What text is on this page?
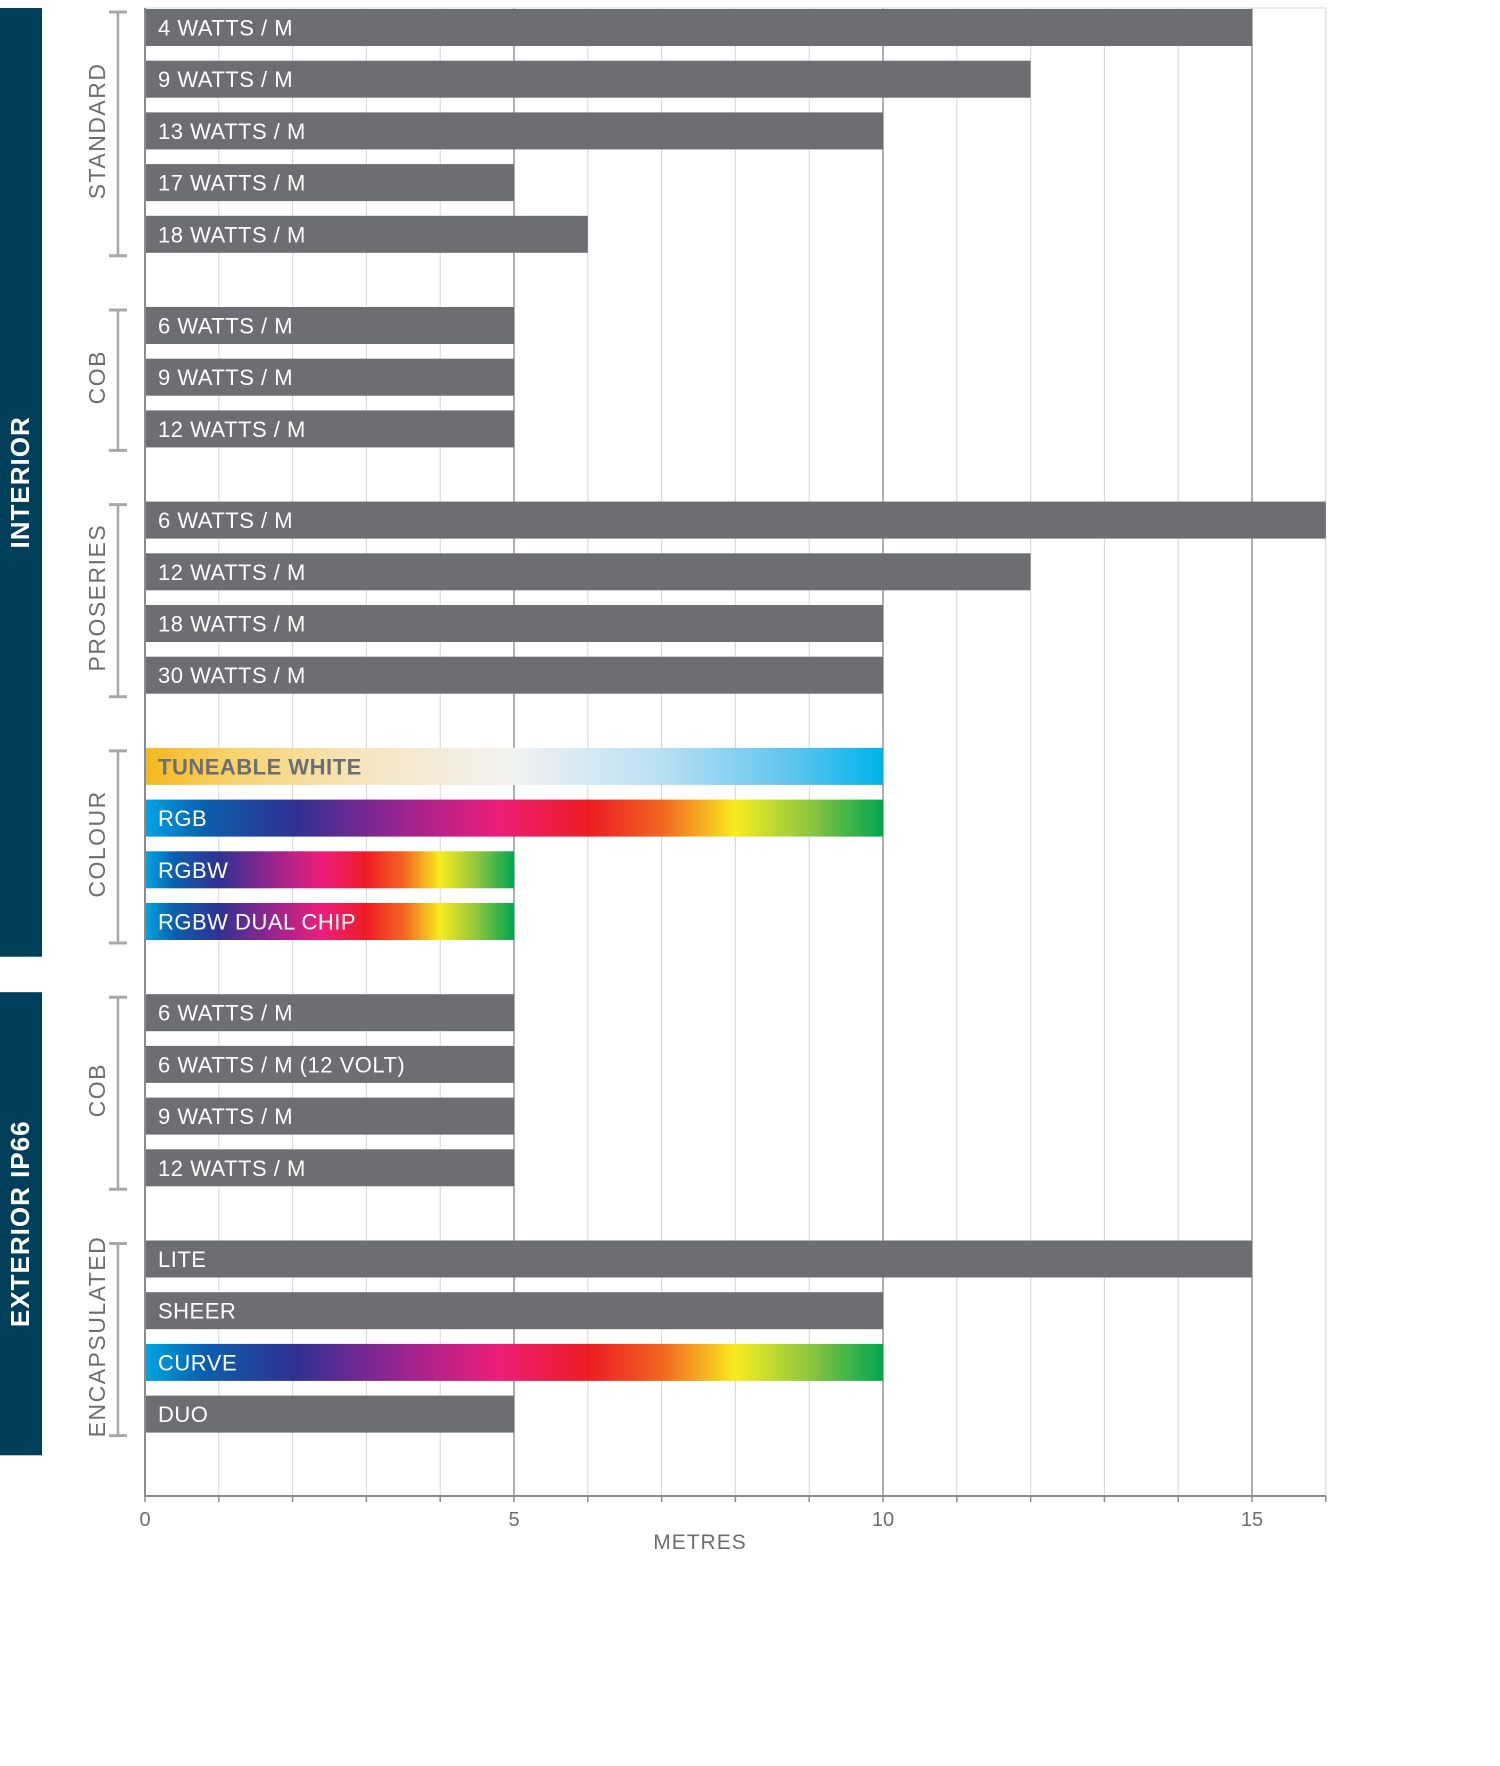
4 WATTS / M
9 WATTS / M
13 WATTS / M
17 WATTS / M
18 WATTS / M
6 WATTS / M
9 WATTS / M
12 WATTS / M
6 WATTS / M
12 WATTS / M
18 WATTS / M
30 WATTS / M
TUNEABLE WHITE
RGB
RGBW
RGBW DUAL CHIP
6 WATTS / M
6 WATTS / M (12 VOLT)
9 WATTS / M
12 WATTS / M
LITE
SHEER
CURVE
DUO
STANDARD
COB
PROSERIES
COLOUR
COB
ENCAPSULATED
INTERIOR
EXTERIOR IP66
0	5	10	15
METRES
